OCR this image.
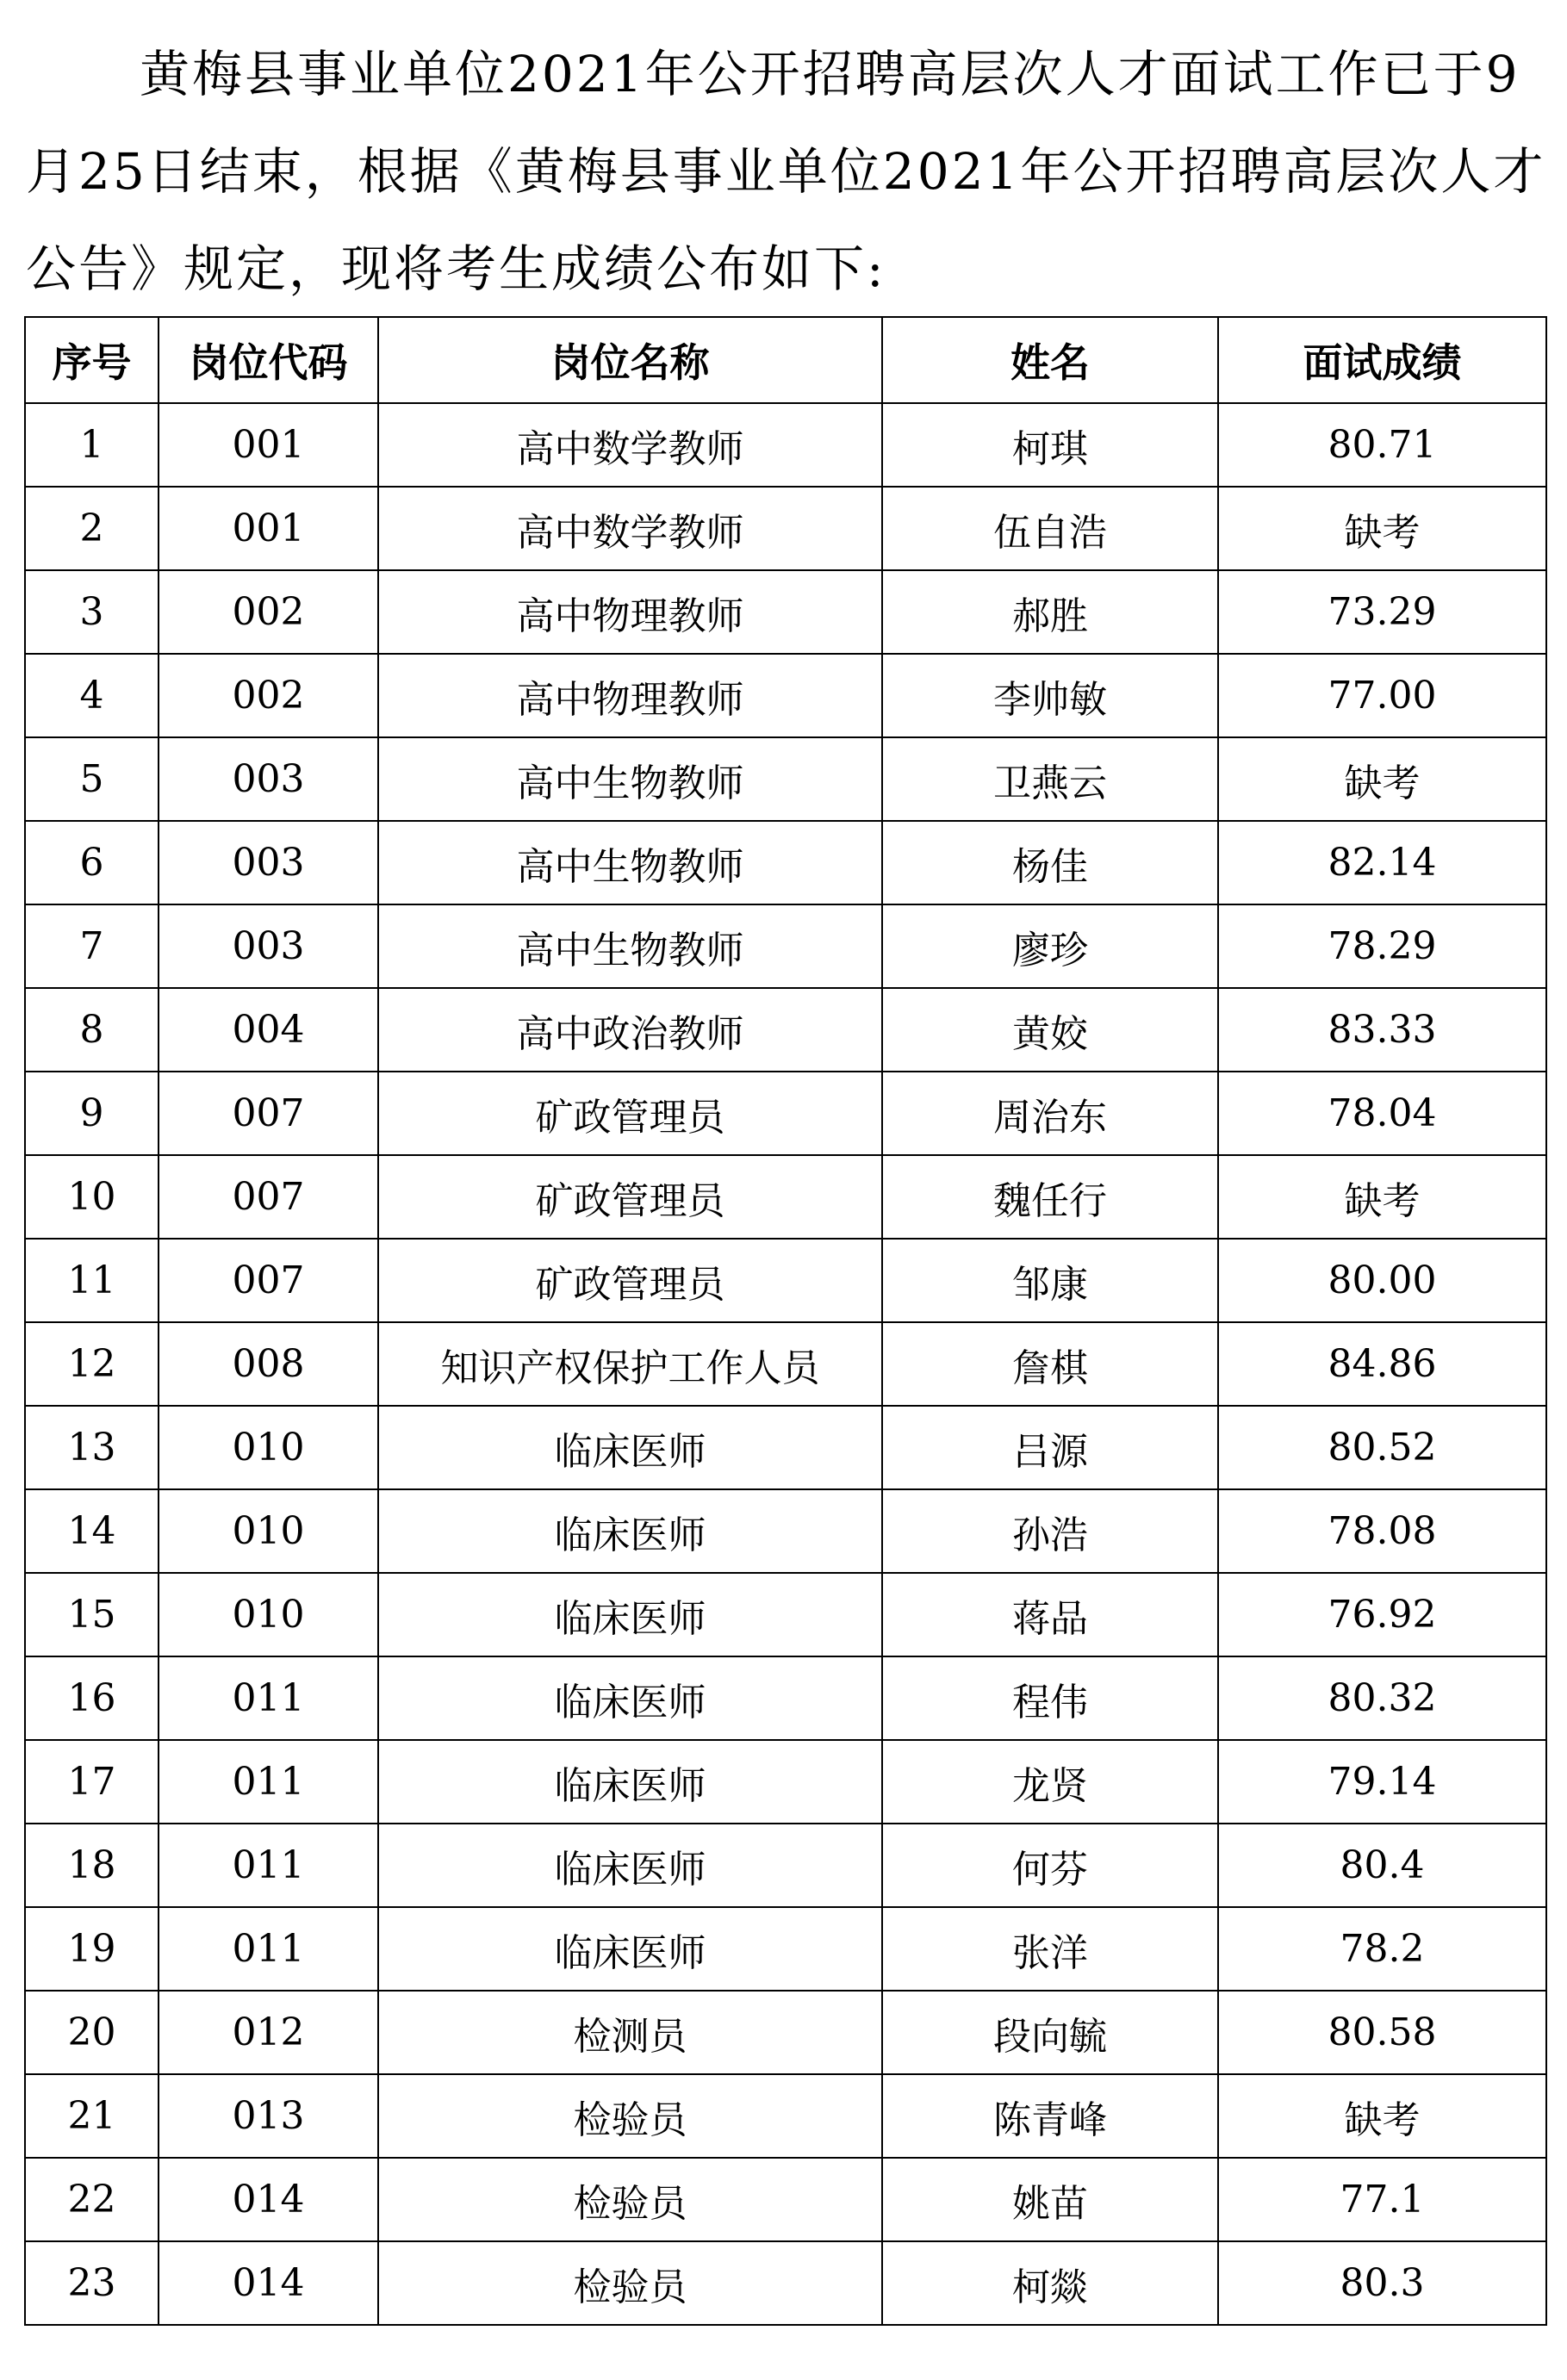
黄梅县事业单位2021年公开招聘高层次人才面试工作已于9月25日结束，根据《黄梅县事业单位2021年公开招聘高层次人才公告》规定，现将考生成绩公布如下:

序号	岗位代码	岗位名称	姓名	面试成绩
1	001	高中数学教师	柯琪	80.71
2	001	高中数学教师	伍自浩	缺考
3	002	高中物理教师	郝胜	73.29
4	002	高中物理教师	李帅敏	77.00
5	003	高中生物教师	卫燕云	缺考
6	003	高中生物教师	杨佳	82.14
7	003	高中生物教师	廖珍	78.29
8	004	高中政治教师	黄姣	83.33
9	007	矿政管理员	周治东	78.04
10	007	矿政管理员	魏任行	缺考
11	007	矿政管理员	邹康	80.00
12	008	知识产权保护工作人员	詹棋	84.86
13	010	临床医师	吕源	80.52
14	010	临床医师	孙浩	78.08
15	010	临床医师	蒋品	76.92
16	011	临床医师	程伟	80.32
17	011	临床医师	龙贤	79.14
18	011	临床医师	何芬	80.4
19	011	临床医师	张洋	78.2
20	012	检测员	段向毓	80.58
21	013	检验员	陈青峰	缺考
22	014	检验员	姚苗	77.1
23	014	检验员	柯燚	80.3
